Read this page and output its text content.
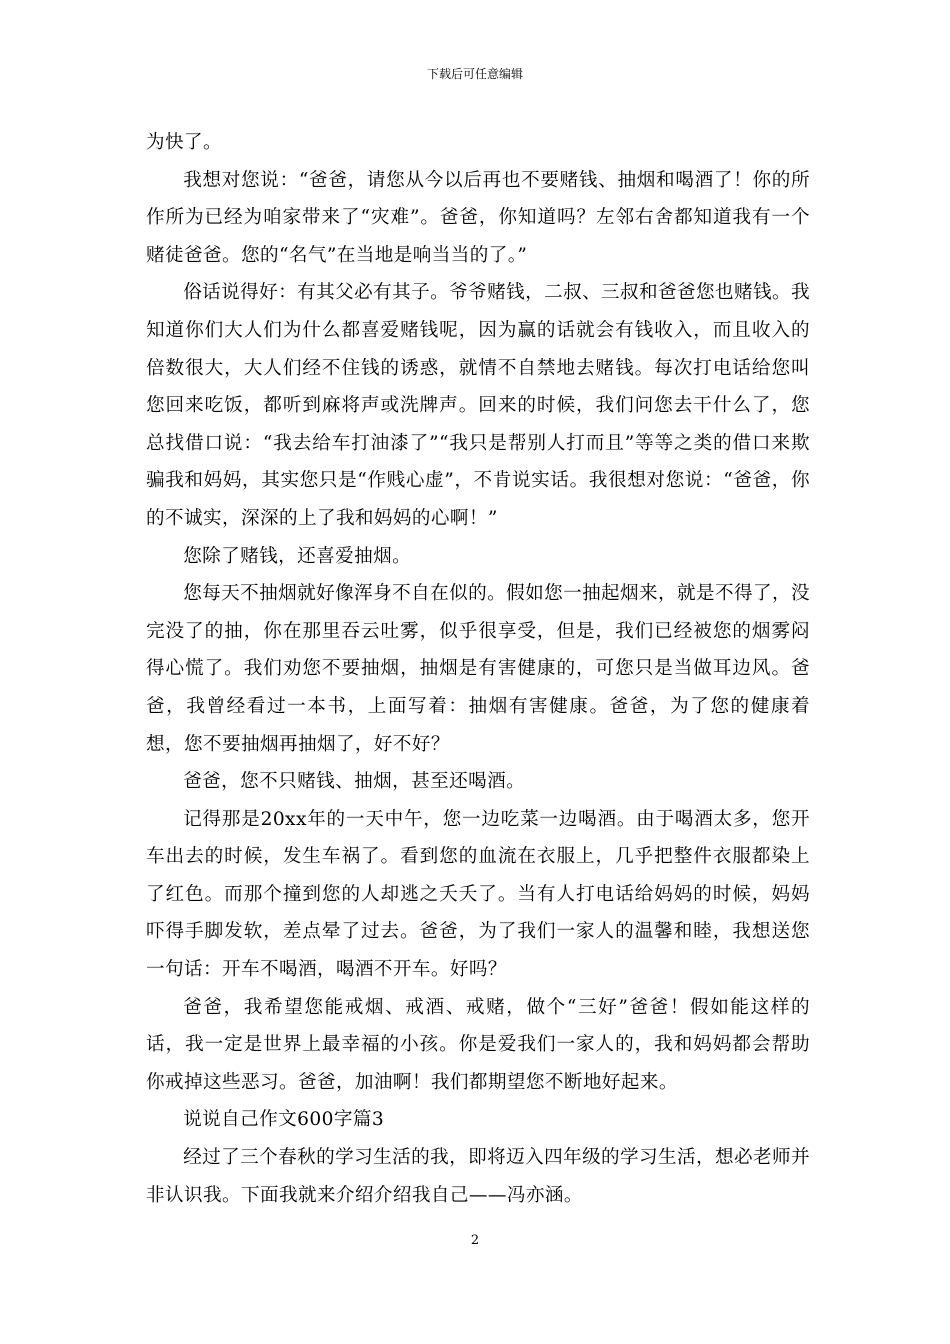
下载后可任意编辑

为快了。

我想对您说：“爸爸，请您从今以后再也不要赌钱、抽烟和喝酒了！你的所作所为已经为咱家带来了“灾难”。爸爸，你知道吗？左邻右舍都知道我有一个赌徒爸爸。您的“名气”在当地是响当当的了。”

俗话说得好：有其父必有其子。爷爷赌钱，二叔、三叔和爸爸您也赌钱。我知道你们大人们为什么都喜爱赌钱呢，因为赢的话就会有钱收入，而且收入的倍数很大，大人们经不住钱的诱惑，就情不自禁地去赌钱。每次打电话给您叫您回来吃饭，都听到麻将声或洗牌声。回来的时候，我们问您去干什么了，您总找借口说：“我去给车打油漆了”“我只是帮别人打而且”等等之类的借口来欺骗我和妈妈，其实您只是“作贱心虚”，不肯说实话。我很想对您说：“爸爸，你的不诚实，深深的上了我和妈妈的心啊！”

您除了赌钱，还喜爱抽烟。

您每天不抽烟就好像浑身不自在似的。假如您一抽起烟来，就是不得了，没完没了的抽，你在那里吞云吐雾，似乎很享受，但是，我们已经被您的烟雾闷得心慌了。我们劝您不要抽烟，抽烟是有害健康的，可您只是当做耳边风。爸爸，我曾经看过一本书，上面写着：抽烟有害健康。爸爸，为了您的健康着想，您不要抽烟再抽烟了，好不好？

爸爸，您不只赌钱、抽烟，甚至还喝酒。

记得那是20xx年的一天中午，您一边吃菜一边喝酒。由于喝酒太多，您开车出去的时候，发生车祸了。看到您的血流在衣服上，几乎把整件衣服都染上了红色。而那个撞到您的人却逃之夭夭了。当有人打电话给妈妈的时候，妈妈吓得手脚发软，差点晕了过去。爸爸，为了我们一家人的温馨和睦，我想送您一句话：开车不喝酒，喝酒不开车。好吗？

爸爸，我希望您能戒烟、戒酒、戒赌，做个“三好”爸爸！假如能这样的话，我一定是世界上最幸福的小孩。你是爱我们一家人的，我和妈妈都会帮助你戒掉这些恶习。爸爸，加油啊！我们都期望您不断地好起来。

说说自己作文600字篇3

经过了三个春秋的学习生活的我，即将迈入四年级的学习生活，想必老师并非认识我。下面我就来介绍介绍我自己——冯亦涵。

2
